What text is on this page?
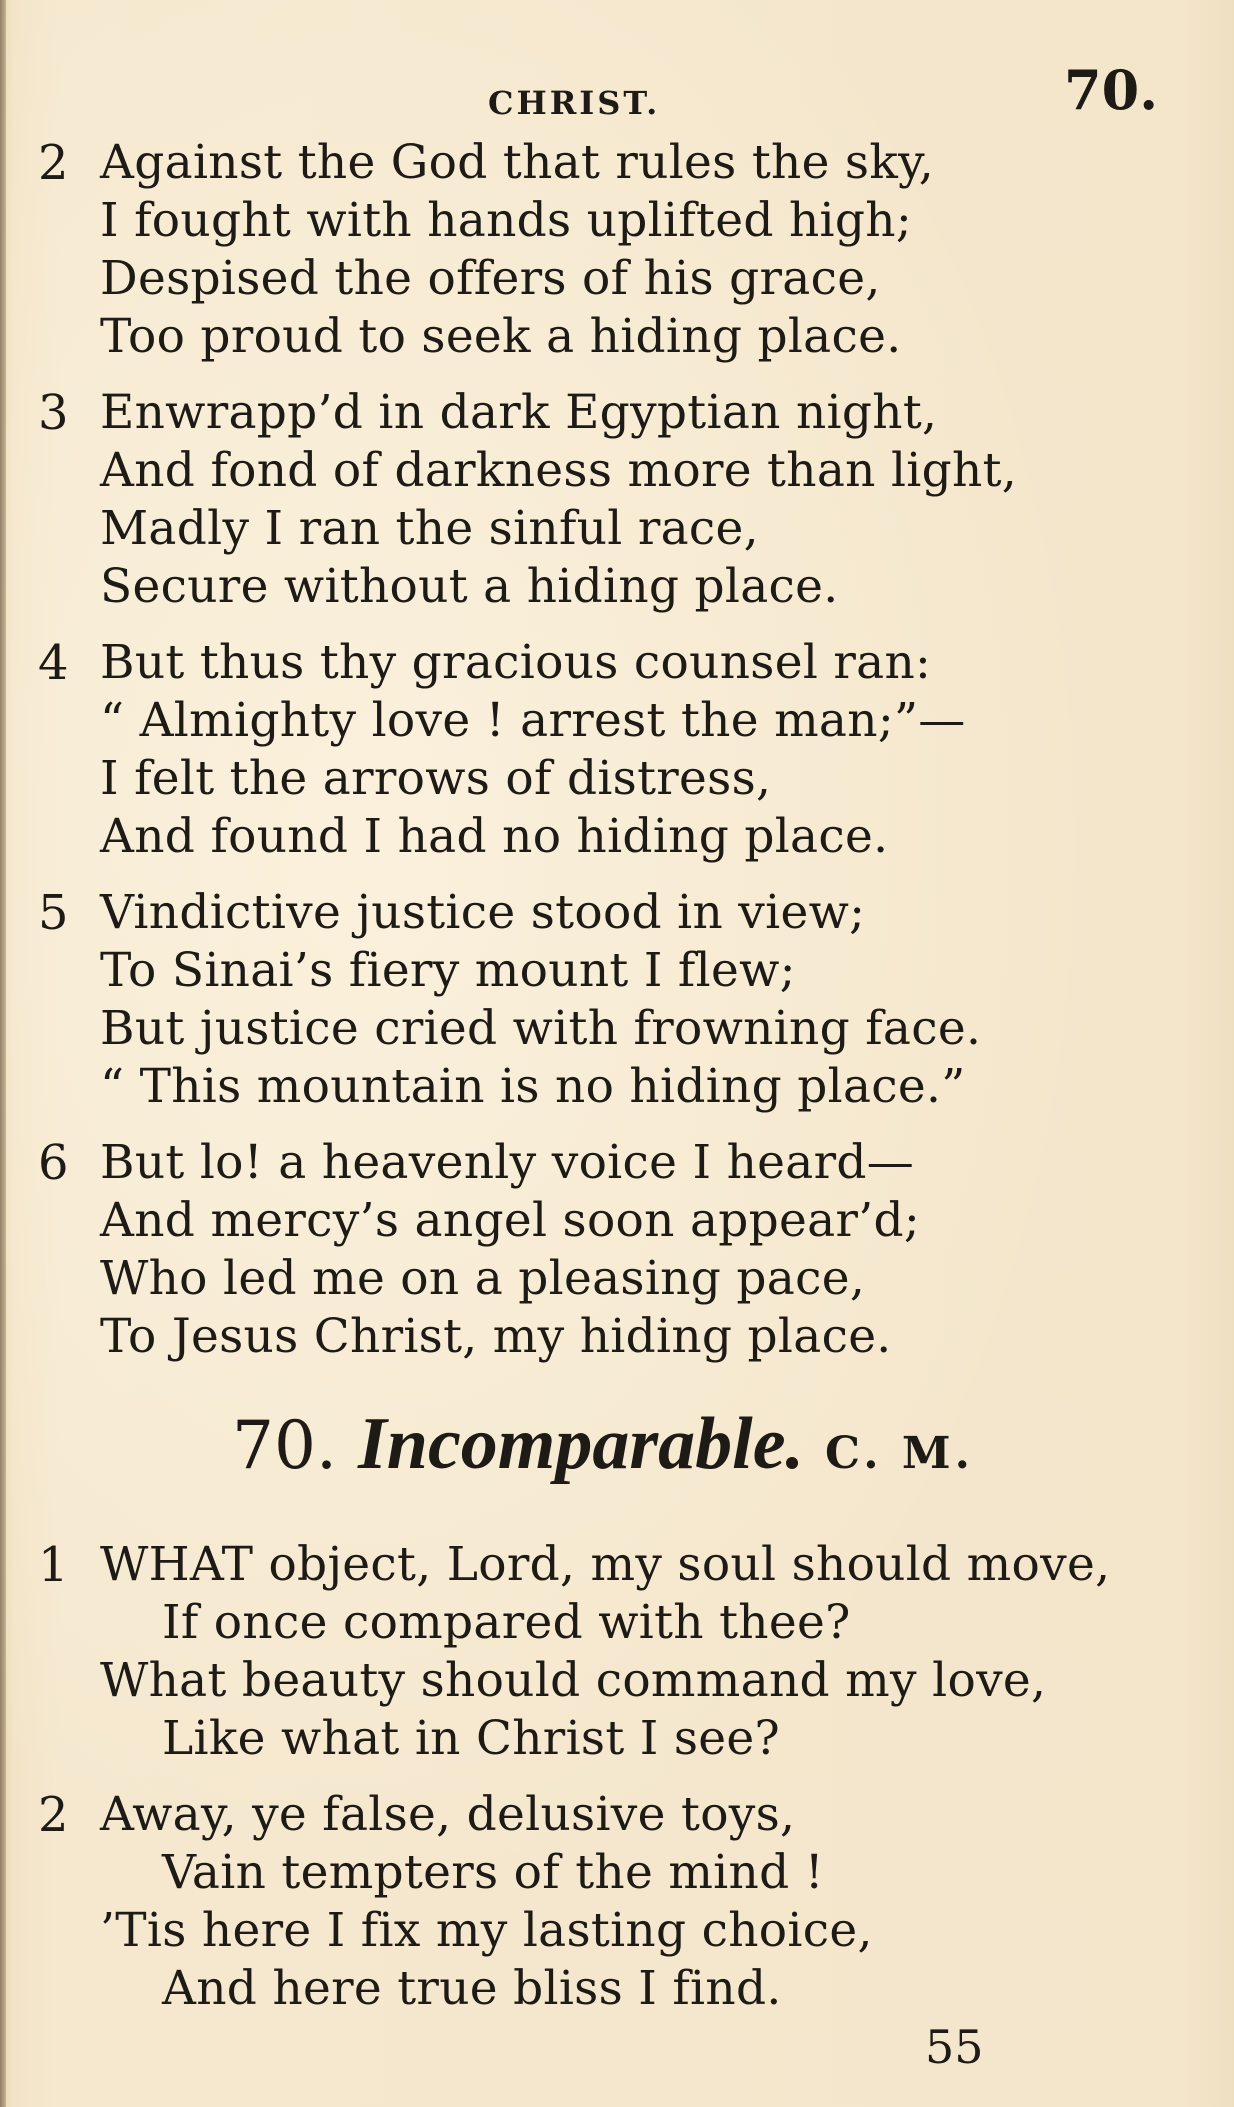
CHRIST.	70.
2 Against the God that rules the sky,
I fought with hands uplifted high;
Despised the offers of his grace,
Too proud to seek a hiding place.
3 Enwrapp’d in dark Egyptian night,
And fond of darkness more than light,
Madly I ran the sinful race,
Secure without a hiding place.
4 But thus thy gracious counsel ran:
“ Almighty love ! arrest the man;”—
I felt the arrows of distress,
And found I had no hiding place.
5 Vindictive justice stood in view;
To Sinai’s fiery mount I flew;
But justice cried with frowning face.
“ This mountain is no hiding place.”
6 But lo! a heavenly voice I heard—
And mercy’s angel soon appear’d;
Who led me on a pleasing pace,
To Jesus Christ, my hiding place.
70. Incomparable. C. M.
1 WHAT object, Lord, my soul should move,
If once compared with thee?
What beauty should command my love,
Like what in Christ I see?
2 Away, ye false, delusive toys,
Vain tempters of the mind !
’Tis here I fix my lasting choice,
And here true bliss I find.
55
